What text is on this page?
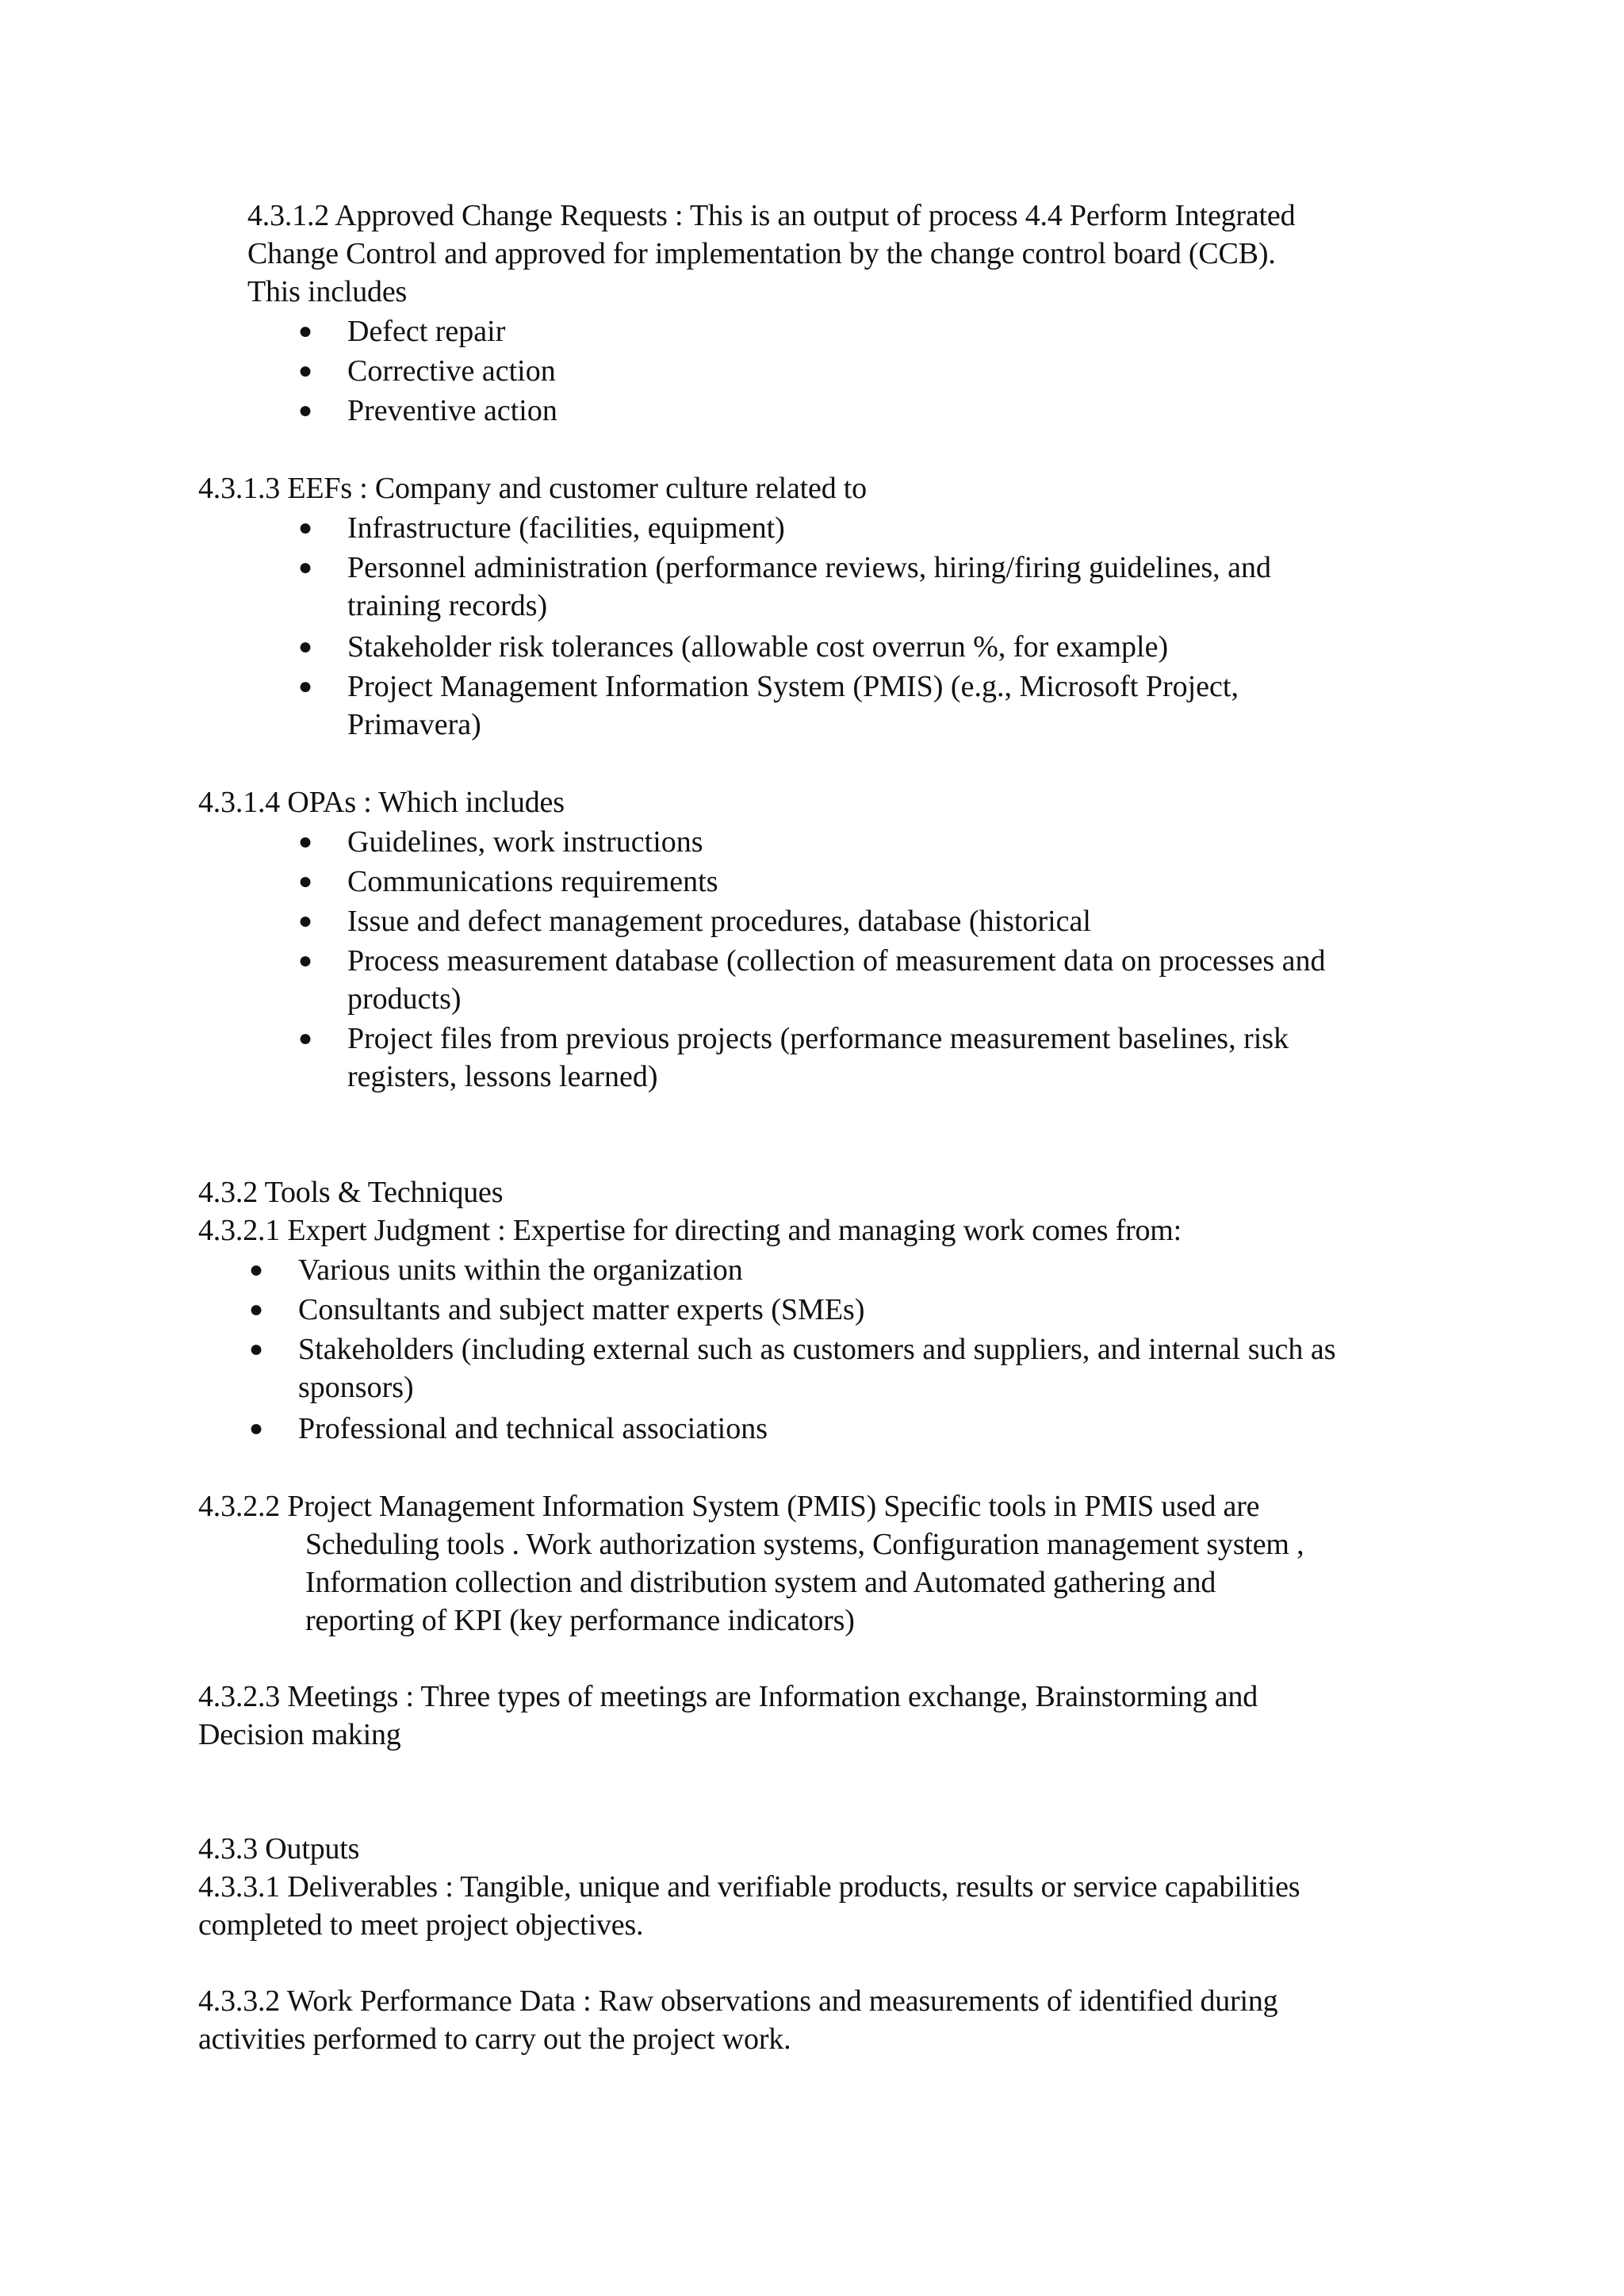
4.3.1.2 Approved Change Requests : This is an output of process 4.4 Perform Integrated
Change Control and approved for implementation by the change control board (CCB).
This includes
● Defect repair
● Corrective action
● Preventive action
4.3.1.3 EEFs : Company and customer culture related to
● Infrastructure (facilities, equipment)
● Personnel administration (performance reviews, hiring/firing guidelines, and
training records)
● Stakeholder risk tolerances (allowable cost overrun %, for example)
● Project Management Information System (PMIS) (e.g., Microsoft Project,
Primavera)
4.3.1.4 OPAs : Which includes
● Guidelines, work instructions
● Communications requirements
● Issue and defect management procedures, database (historical
● Process measurement database (collection of measurement data on processes and
products)
● Project files from previous projects (performance measurement baselines, risk
registers, lessons learned)
4.3.2 Tools & Techniques
4.3.2.1 Expert Judgment : Expertise for directing and managing work comes from:
● Various units within the organization
● Consultants and subject matter experts (SMEs)
● Stakeholders (including external such as customers and suppliers, and internal such as
sponsors)
● Professional and technical associations
4.3.2.2 Project Management Information System (PMIS) Specific tools in PMIS used are
Scheduling tools . Work authorization systems, Configuration management system ,
Information collection and distribution system and Automated gathering and
reporting of KPI (key performance indicators)
4.3.2.3 Meetings : Three types of meetings are Information exchange, Brainstorming and
Decision making
4.3.3 Outputs
4.3.3.1 Deliverables : Tangible, unique and verifiable products, results or service capabilities
completed to meet project objectives.
4.3.3.2 Work Performance Data : Raw observations and measurements of identified during
activities performed to carry out the project work.
